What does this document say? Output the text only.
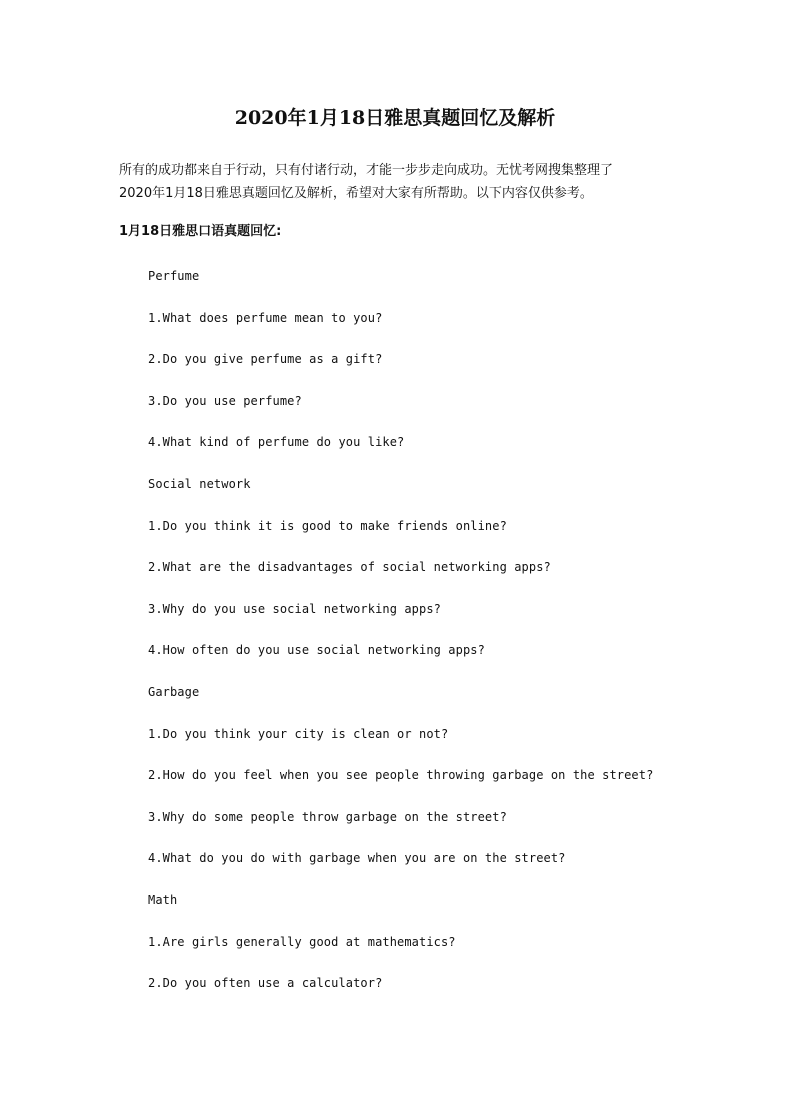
2020年1月18日雅思真题回忆及解析

所有的成功都来自于行动，只有付诸行动，才能一步步走向成功。无忧考网搜集整理了
2020年1月18日雅思真题回忆及解析，希望对大家有所帮助。以下内容仅供参考。

1月18日雅思口语真题回忆:
Perfume
1.What does perfume mean to you?
2.Do you give perfume as a gift?
3.Do you use perfume?
4.What kind of perfume do you like?
Social network
1.Do you think it is good to make friends online?
2.What are the disadvantages of social networking apps?
3.Why do you use social networking apps?
4.How often do you use social networking apps?
Garbage
1.Do you think your city is clean or not?
2.How do you feel when you see people throwing garbage on the street?
3.Why do some people throw garbage on the street?
4.What do you do with garbage when you are on the street?
Math
1.Are girls generally good at mathematics?
2.Do you often use a calculator?
